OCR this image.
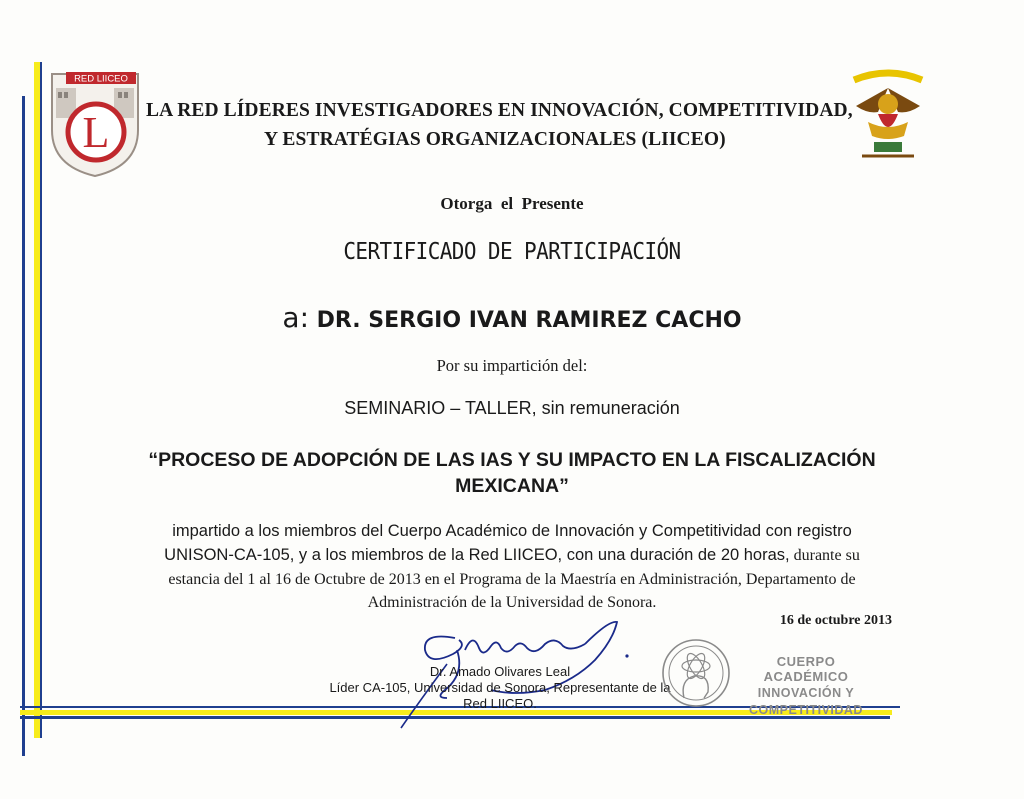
RED LIICEO
L LA RED LÍDERES INVESTIGADORES EN INNOVACIÓN, COMPETITIVIDAD,
Y ESTRATÉGIAS ORGANIZACIONALES (LIICEO)
Otorga  el  Presente
CERTIFICADO DE PARTICIPACIÓN
a: DR. SERGIO IVAN RAMIREZ CACHO
Por su impartición del:
SEMINARIO – TALLER, sin remuneración
“PROCESO DE ADOPCIÓN DE LAS IAS Y SU IMPACTO EN LA FISCALIZACIÓN
MEXICANA”
impartido a los miembros del Cuerpo Académico de Innovación y Competitividad con registro
UNISON-CA-105, y a los miembros de la Red LIICEO, con una duración de 20 horas, durante su
estancia del 1 al 16 de Octubre de 2013 en el Programa de la Maestría en Administración, Departamento de
Administración de la Universidad de Sonora.
16 de octubre 2013
Dr. Amado Olivares Leal
Líder CA-105, Universidad de Sonora, Representante de la
Red LIICEO.
CUERPO ACADÉMICO
INNOVACIÓN Y
COMPETITIVIDAD
